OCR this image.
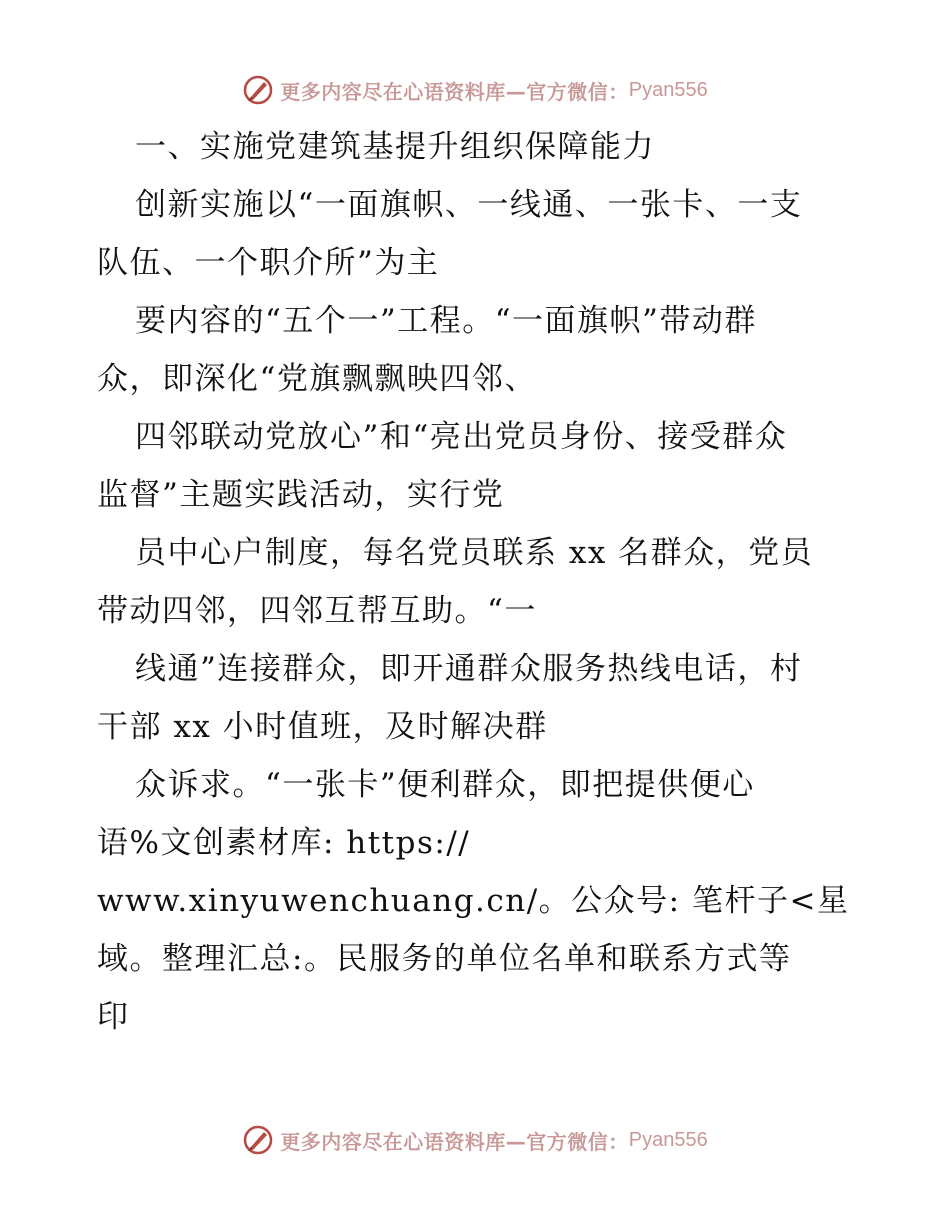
更多内容尽在心语资料库—官方微信： Pyan556
一、实施党建筑基提升组织保障能力
创新实施以“一面旗帜、一线通、一张卡、一支
队伍、一个职介所”为主
要内容的“五个一”工程。“一面旗帜”带动群
众，即深化“党旗飘飘映四邻、
四邻联动党放心”和“亮出党员身份、接受群众
监督”主题实践活动，实行党
员中心户制度，每名党员联系 xx 名群众，党员
带动四邻，四邻互帮互助。“一
线通”连接群众，即开通群众服务热线电话，村
干部 xx 小时值班，及时解决群
众诉求。“一张卡”便利群众，即把提供便心
语%文创素材库: https://
www.xinyuwenchuang.cn/。公众号: 笔杆子<星
域。整理汇总:。民服务的单位名单和联系方式等
印
更多内容尽在心语资料库—官方微信： Pyan556
